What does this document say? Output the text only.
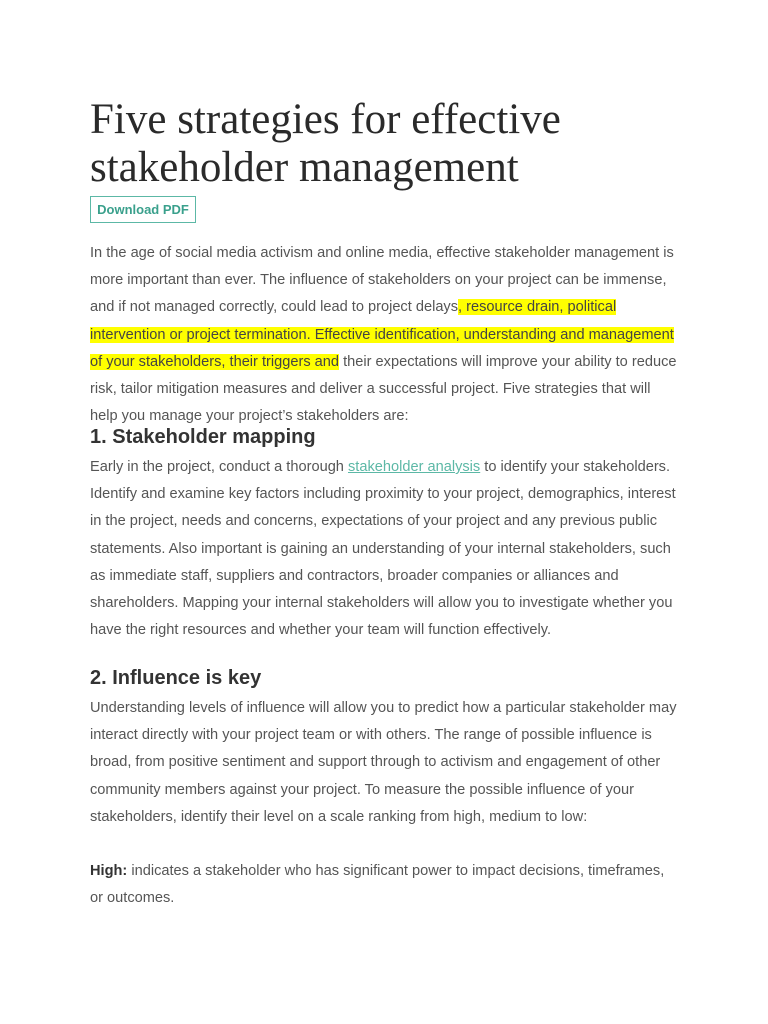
Five strategies for effective stakeholder management
Download PDF

In the age of social media activism and online media, effective stakeholder management is more important than ever. The influence of stakeholders on your project can be immense, and if not managed correctly, could lead to project delays, resource drain, political intervention or project termination. Effective identification, understanding and management of your stakeholders, their triggers and their expectations will improve your ability to reduce risk, tailor mitigation measures and deliver a successful project. Five strategies that will help you manage your project’s stakeholders are:

1. Stakeholder mapping

Early in the project, conduct a thorough stakeholder analysis to identify your stakeholders. Identify and examine key factors including proximity to your project, demographics, interest in the project, needs and concerns, expectations of your project and any previous public statements. Also important is gaining an understanding of your internal stakeholders, such as immediate staff, suppliers and contractors, broader companies or alliances and shareholders. Mapping your internal stakeholders will allow you to investigate whether you have the right resources and whether your team will function effectively.

2. Influence is key

Understanding levels of influence will allow you to predict how a particular stakeholder may interact directly with your project team or with others. The range of possible influence is broad, from positive sentiment and support through to activism and engagement of other community members against your project. To measure the possible influence of your stakeholders, identify their level on a scale ranking from high, medium to low:

High: indicates a stakeholder who has significant power to impact decisions, timeframes, or outcomes.
